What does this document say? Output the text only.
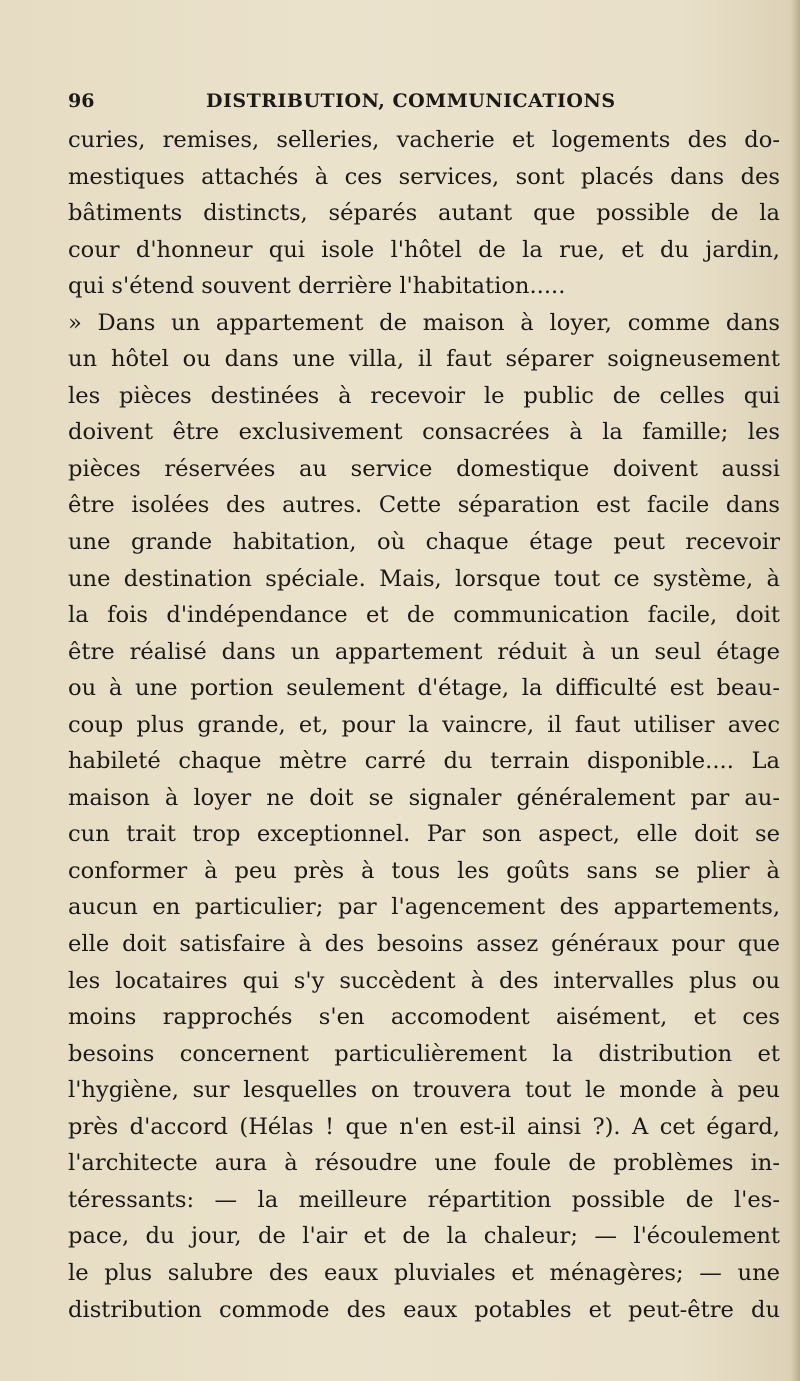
96	DISTRIBUTION, COMMUNICATIONS
curies, remises, selleries, vacherie et logements des do-
mestiques attachés à ces services, sont placés dans des
bâtiments distincts, séparés autant que possible de la
cour d'honneur qui isole l'hôtel de la rue, et du jardin,
qui s'étend souvent derrière l'habitation.....
» Dans un appartement de maison à loyer, comme dans
un hôtel ou dans une villa, il faut séparer soigneusement
les pièces destinées à recevoir le public de celles qui
doivent être exclusivement consacrées à la famille; les
pièces réservées au service domestique doivent aussi
être isolées des autres. Cette séparation est facile dans
une grande habitation, où chaque étage peut recevoir
une destination spéciale. Mais, lorsque tout ce système, à
la fois d'indépendance et de communication facile, doit
être réalisé dans un appartement réduit à un seul étage
ou à une portion seulement d'étage, la difficulté est beau-
coup plus grande, et, pour la vaincre, il faut utiliser avec
habileté chaque mètre carré du terrain disponible.... La
maison à loyer ne doit se signaler généralement par au-
cun trait trop exceptionnel. Par son aspect, elle doit se
conformer à peu près à tous les goûts sans se plier à
aucun en particulier; par l'agencement des appartements,
elle doit satisfaire à des besoins assez généraux pour que
les locataires qui s'y succèdent à des intervalles plus ou
moins rapprochés s'en accomodent aisément, et ces
besoins concernent particulièrement la distribution et
l'hygiène, sur lesquelles on trouvera tout le monde à peu
près d'accord (Hélas ! que n'en est-il ainsi ?). A cet égard,
l'architecte aura à résoudre une foule de problèmes in-
téressants: — la meilleure répartition possible de l'es-
pace, du jour, de l'air et de la chaleur; — l'écoulement
le plus salubre des eaux pluviales et ménagères; — une
distribution commode des eaux potables et peut-être du
